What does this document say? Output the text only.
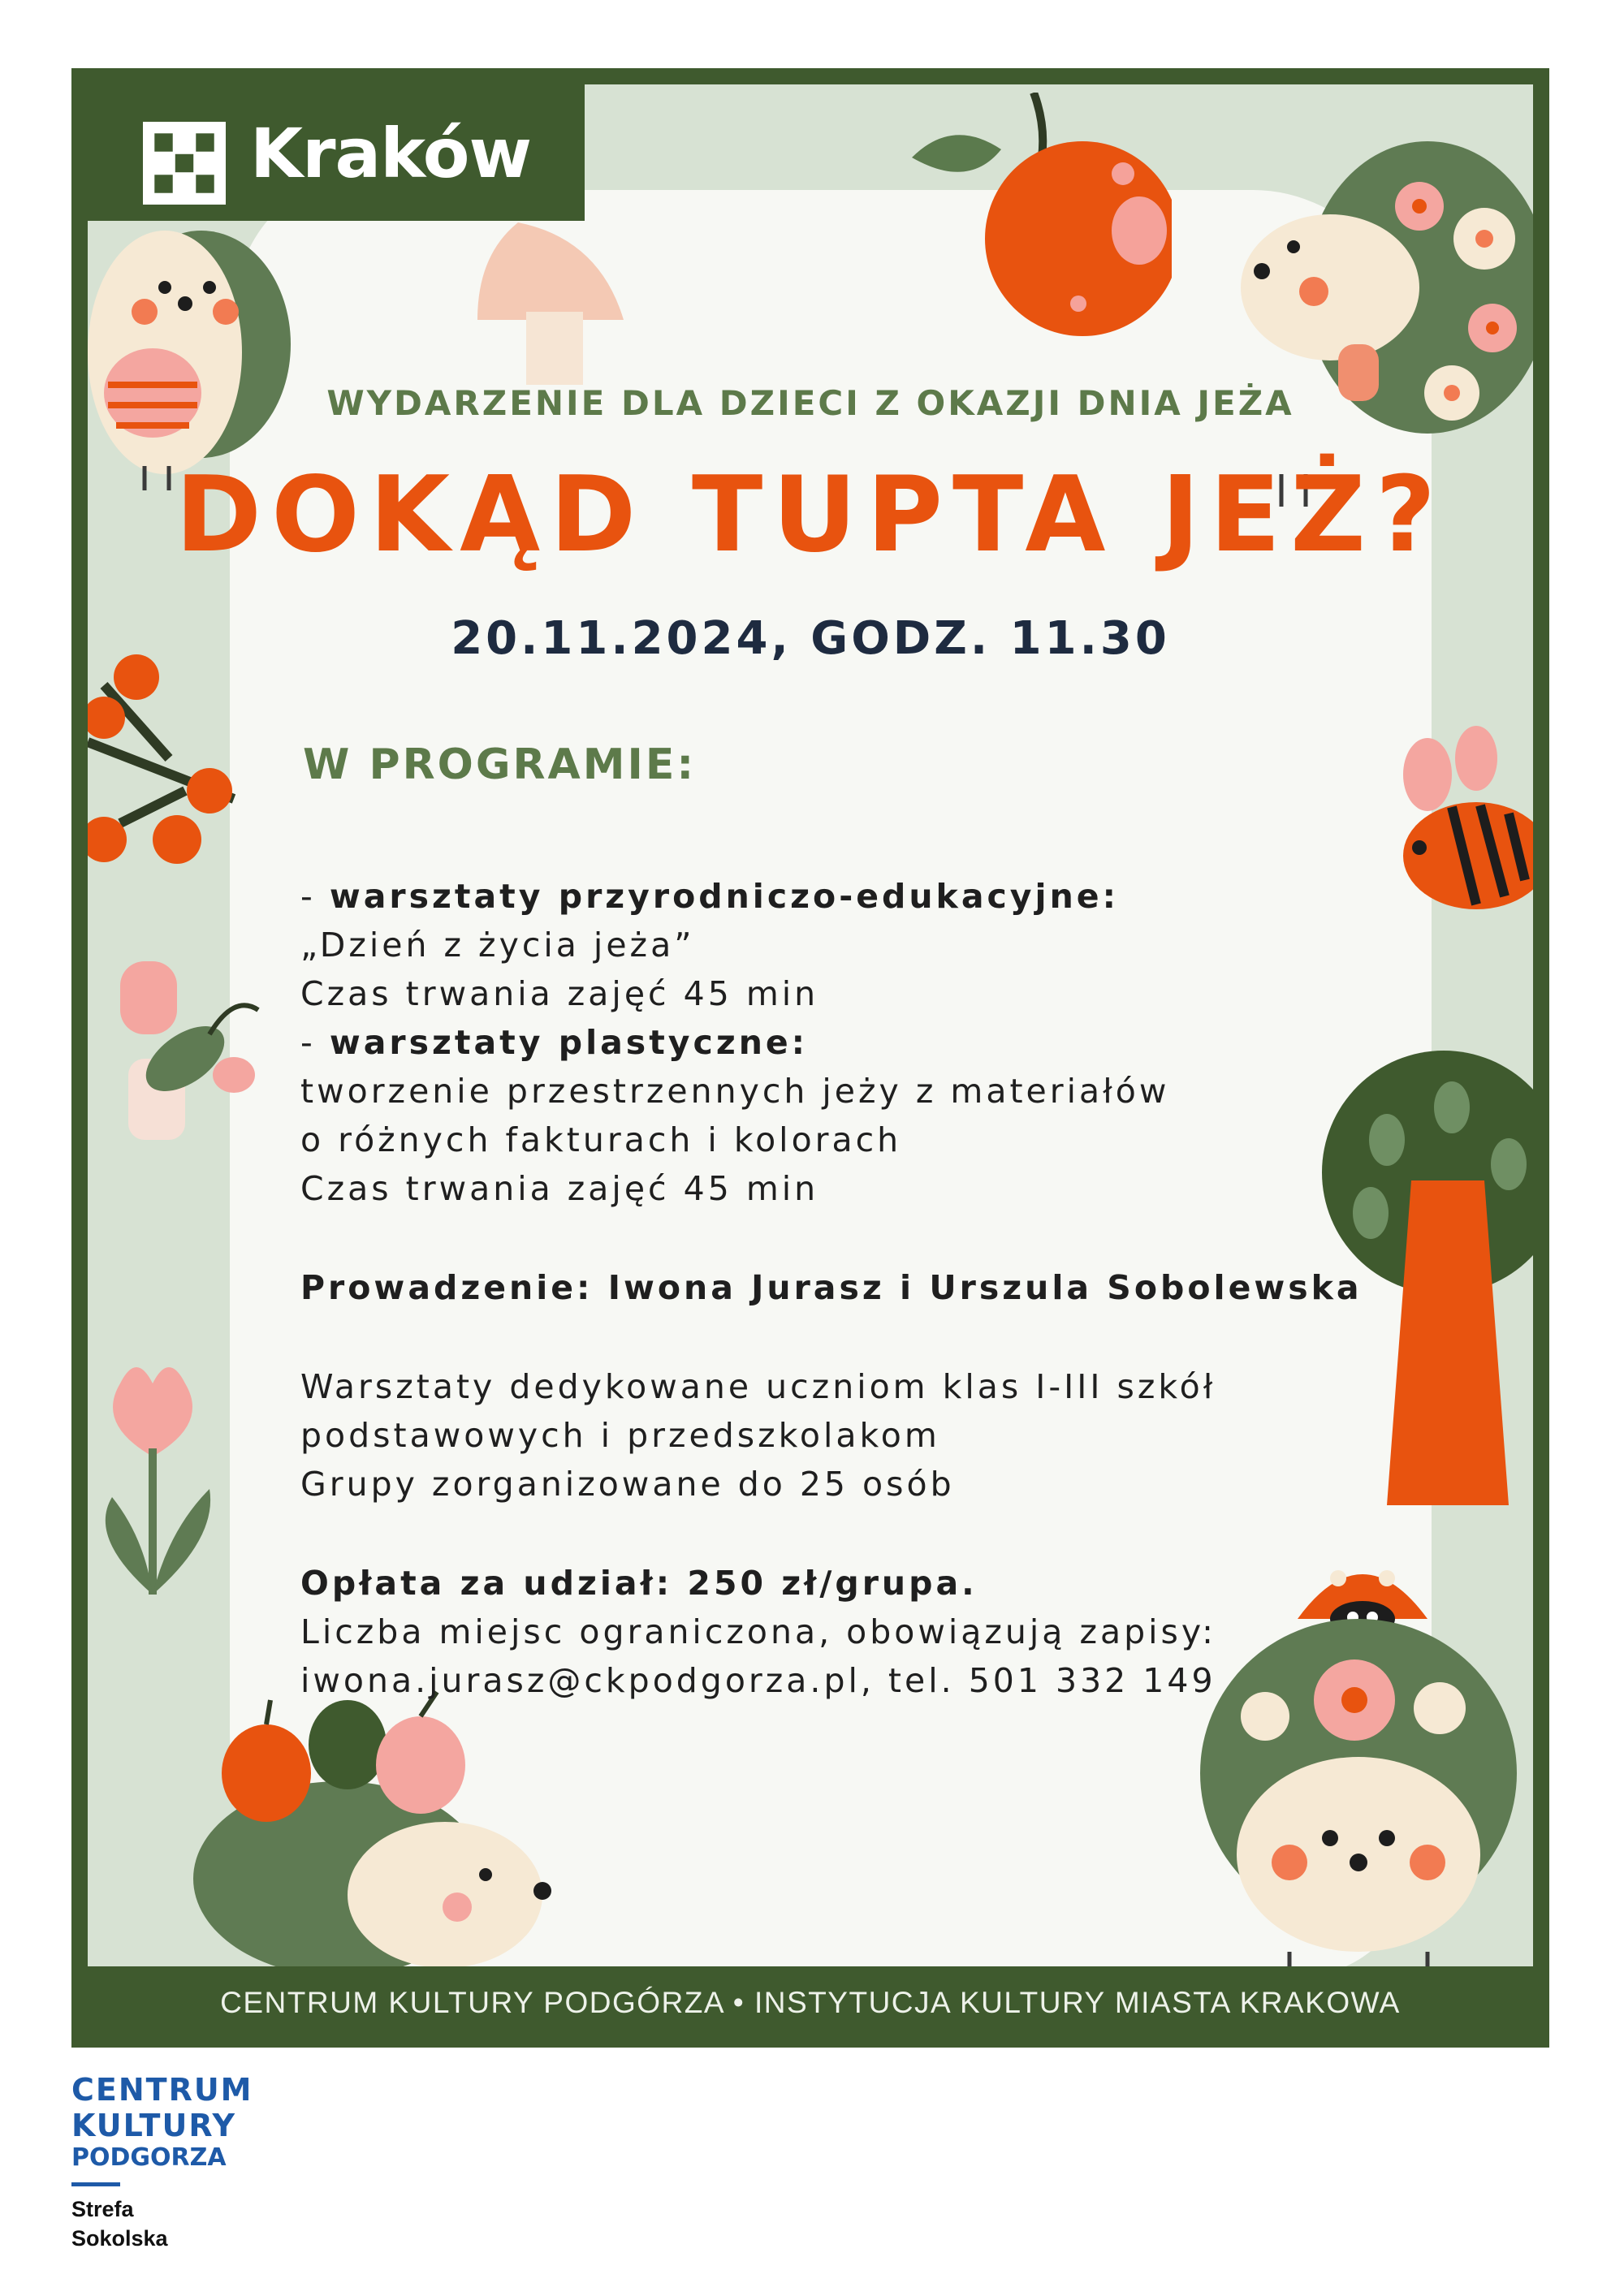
Kraków
WYDARZENIE DLA DZIECI Z OKAZJI DNIA JEŻA
DOKĄD TUPTA JEŻ?
20.11.2024, GODZ. 11.30
W PROGRAMIE:
- warsztaty przyrodniczo-edukacyjne:
„Dzień z życia jeża”
Czas trwania zajęć 45 min
- warsztaty plastyczne:
tworzenie przestrzennych jeży z materiałów
o różnych fakturach i kolorach
Czas trwania zajęć 45 min
Prowadzenie: Iwona Jurasz i Urszula Sobolewska
Warsztaty dedykowane uczniom klas I-III szkół
podstawowych i przedszkolakom
Grupy zorganizowane do 25 osób
Opłata za udział: 250 zł/grupa.
Liczba miejsc ograniczona, obowiązują zapisy:
iwona.jurasz@ckpodgorza.pl, tel. 501 332 149
CENTRUM KULTURY PODGÓRZA • INSTYTUCJA KULTURY MIASTA KRAKOWA
CENTRUM
KULTURY
PODGORZA
Strefa
Sokolska
